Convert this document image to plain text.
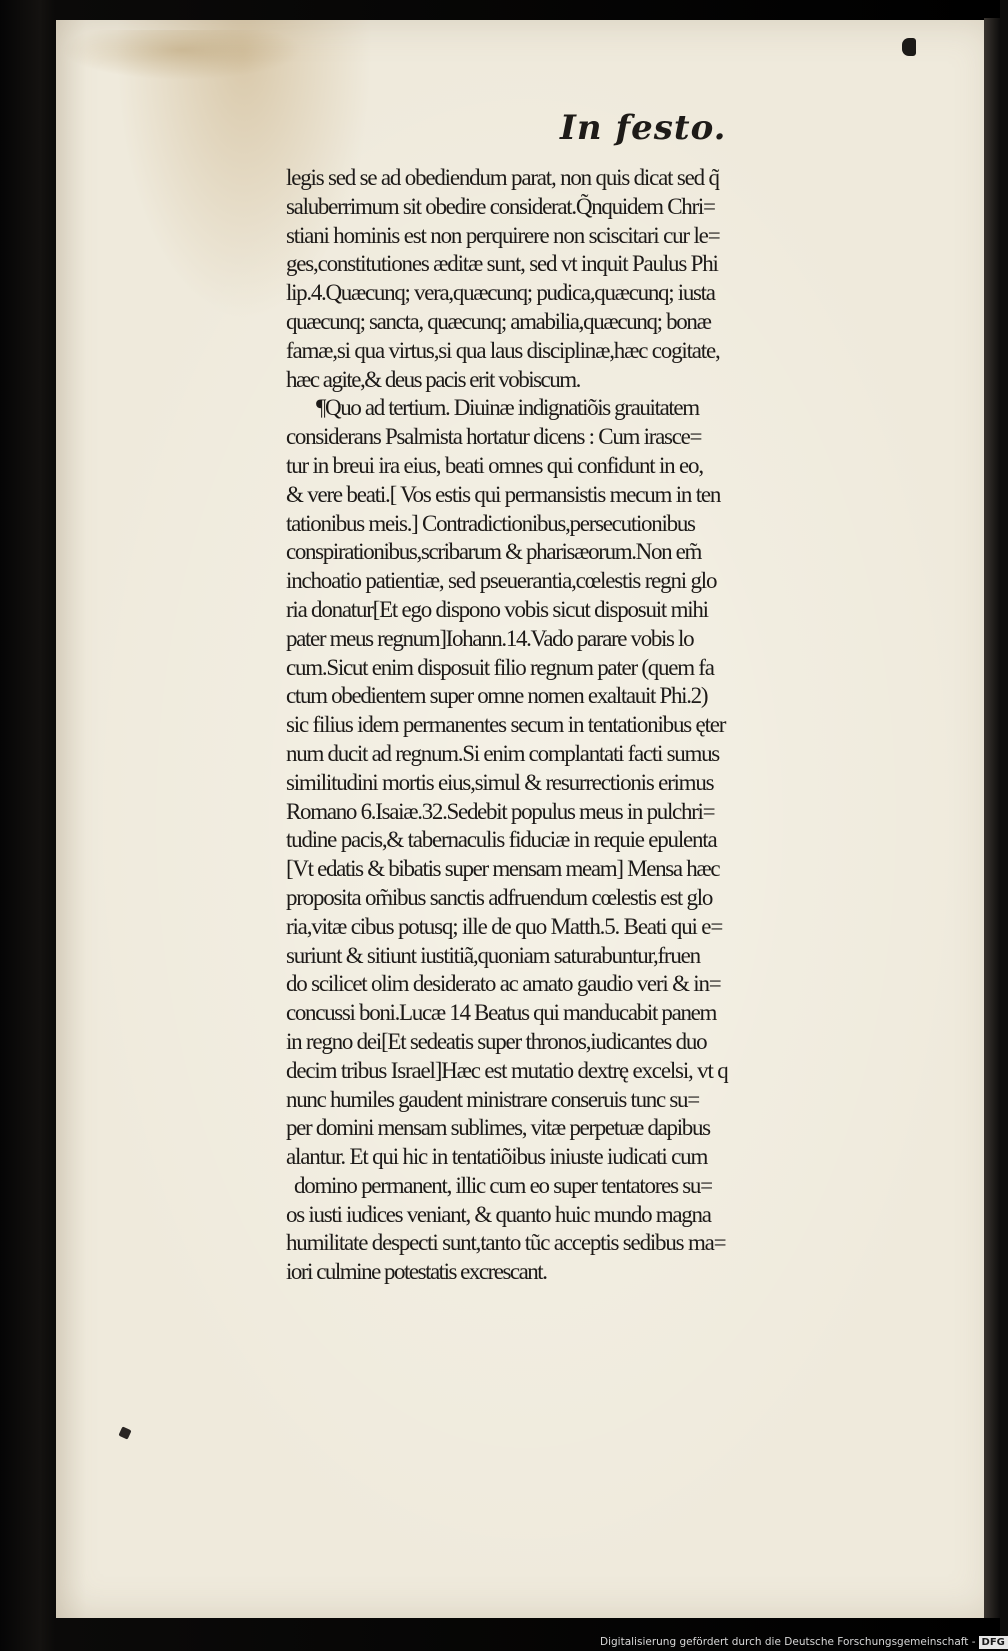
In festo.
legis sed se ad obediendum parat, non quis dicat sed q̃
saluberrimum sit obedire considerat.Q̃nquidem Chri=
stiani hominis est non perquirere non sciscitari cur le=
ges,constitutiones æditæ sunt, sed vt inquit Paulus Phi
lip.4.Quæcunq; vera,quæcunq; pudica,quæcunq; iusta
quæcunq; sancta, quæcunq; amabilia,quæcunq; bonæ
famæ,si qua virtus,si qua laus disciplinæ,hæc cogitate,
hæc agite,& deus pacis erit vobiscum.
¶Quo ad tertium. Diuinæ indignatiõis grauitatem
considerans Psalmista hortatur dicens : Cum irasce=
tur in breui ira eius, beati omnes qui confidunt in eo,
& vere beati.[ Vos estis qui permansistis mecum in ten
tationibus meis.] Contradictionibus,persecutionibus
conspirationibus,scribarum & pharisæorum.Non em̃
inchoatio patientiæ, sed pseuerantia,cœlestis regni glo
ria donatur[Et ego dispono vobis sicut disposuit mihi
pater meus regnum]Iohann.14.Vado parare vobis lo
cum.Sicut enim disposuit filio regnum pater (quem fa
ctum obedientem super omne nomen exaltauit Phi.2)
sic filius idem permanentes secum in tentationibus ęter
num ducit ad regnum.Si enim complantati facti sumus
similitudini mortis eius,simul & resurrectionis erimus
Romano 6.Isaiæ.32.Sedebit populus meus in pulchri=
tudine pacis,& tabernaculis fiduciæ in requie epulenta
[Vt edatis & bibatis super mensam meam] Mensa hæc
proposita om̃ibus sanctis adfruendum cœlestis est glo
ria,vitæ cibus potusq; ille de quo Matth.5. Beati qui e=
suriunt & sitiunt iustitiã,quoniam saturabuntur,fruen
do scilicet olim desiderato ac amato gaudio veri & in=
concussi boni.Lucæ 14 Beatus qui manducabit panem
in regno dei[Et sedeatis super thronos,iudicantes duo
decim tribus Israel]Hæc est mutatio dextrę excelsi, vt q
nunc humiles gaudent ministrare conseruis tunc su=
per domini mensam sublimes, vitæ perpetuæ dapibus
alantur. Et qui hic in tentatiõibus iniuste iudicati cum
domino permanent, illic cum eo super tentatores su=
os iusti iudices veniant, & quanto huic mundo magna
humilitate despecti sunt,tanto tũc acceptis sedibus ma=
iori culmine potestatis excrescant.
Digitalisierung gefördert durch die Deutsche Forschungsgemeinschaft - DFG
